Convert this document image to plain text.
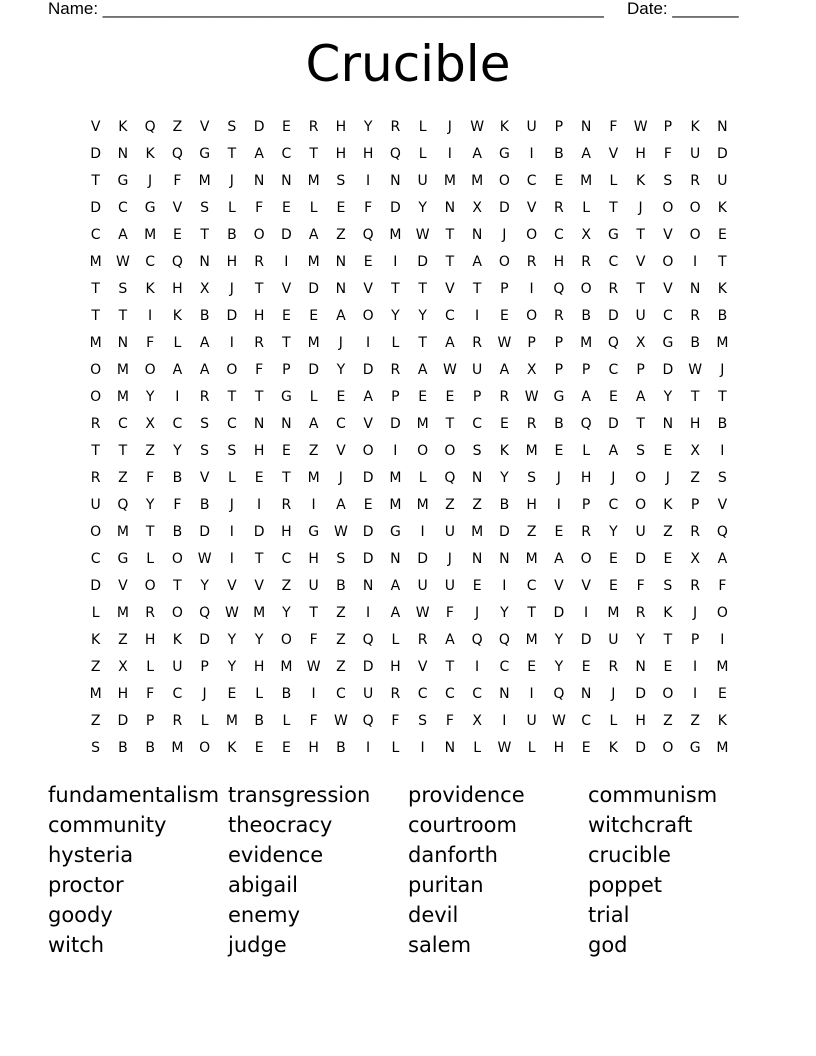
Name: _____________________________________________________ Date: _______
Crucible
V	K	Q	Z	V	S	D	E	R	H	Y	R	L	J	W	K	U	P	N	F	W	P	K	N
D	N	K	Q	G	T	A	C	T	H	H	Q	L	I	A	G	I	B	A	V	H	F	U	D
T	G	J	F	M	J	N	N	M	S	I	N	U	M	M	O	C	E	M	L	K	S	R	U
D	C	G	V	S	L	F	E	L	E	F	D	Y	N	X	D	V	R	L	T	J	O	O	K
C	A	M	E	T	B	O	D	A	Z	Q	M	W	T	N	J	O	C	X	G	T	V	O	E
M	W	C	Q	N	H	R	I	M	N	E	I	D	T	A	O	R	H	R	C	V	O	I	T
T	S	K	H	X	J	T	V	D	N	V	T	T	V	T	P	I	Q	O	R	T	V	N	K
T	T	I	K	B	D	H	E	E	A	O	Y	Y	C	I	E	O	R	B	D	U	C	R	B
M	N	F	L	A	I	R	T	M	J	I	L	T	A	R	W	P	P	M	Q	X	G	B	M
O	M	O	A	A	O	F	P	D	Y	D	R	A	W	U	A	X	P	P	C	P	D	W	J
O	M	Y	I	R	T	T	G	L	E	A	P	E	E	P	R	W	G	A	E	A	Y	T	T
R	C	X	C	S	C	N	N	A	C	V	D	M	T	C	E	R	B	Q	D	T	N	H	B
T	T	Z	Y	S	S	H	E	Z	V	O	I	O	O	S	K	M	E	L	A	S	E	X	I
R	Z	F	B	V	L	E	T	M	J	D	M	L	Q	N	Y	S	J	H	J	O	J	Z	S
U	Q	Y	F	B	J	I	R	I	A	E	M	M	Z	Z	B	H	I	P	C	O	K	P	V
O	M	T	B	D	I	D	H	G	W	D	G	I	U	M	D	Z	E	R	Y	U	Z	R	Q
C	G	L	O	W	I	T	C	H	S	D	N	D	J	N	N	M	A	O	E	D	E	X	A
D	V	O	T	Y	V	V	Z	U	B	N	A	U	U	E	I	C	V	V	E	F	S	R	F
L	M	R	O	Q	W	M	Y	T	Z	I	A	W	F	J	Y	T	D	I	M	R	K	J	O
K	Z	H	K	D	Y	Y	O	F	Z	Q	L	R	A	Q	Q	M	Y	D	U	Y	T	P	I
Z	X	L	U	P	Y	H	M	W	Z	D	H	V	T	I	C	E	Y	E	R	N	E	I	M
M	H	F	C	J	E	L	B	I	C	U	R	C	C	C	N	I	Q	N	J	D	O	I	E
Z	D	P	R	L	M	B	L	F	W	Q	F	S	F	X	I	U	W	C	L	H	Z	Z	K
S	B	B	M	O	K	E	E	H	B	I	L	I	N	L	W	L	H	E	K	D	O	G	M
fundamentalism transgression	providence	communism
community	theocracy	courtroom	witchcraft
hysteria	evidence	danforth	crucible
proctor	abigail	puritan	poppet
goody	enemy	devil	trial
witch	judge	salem	god
